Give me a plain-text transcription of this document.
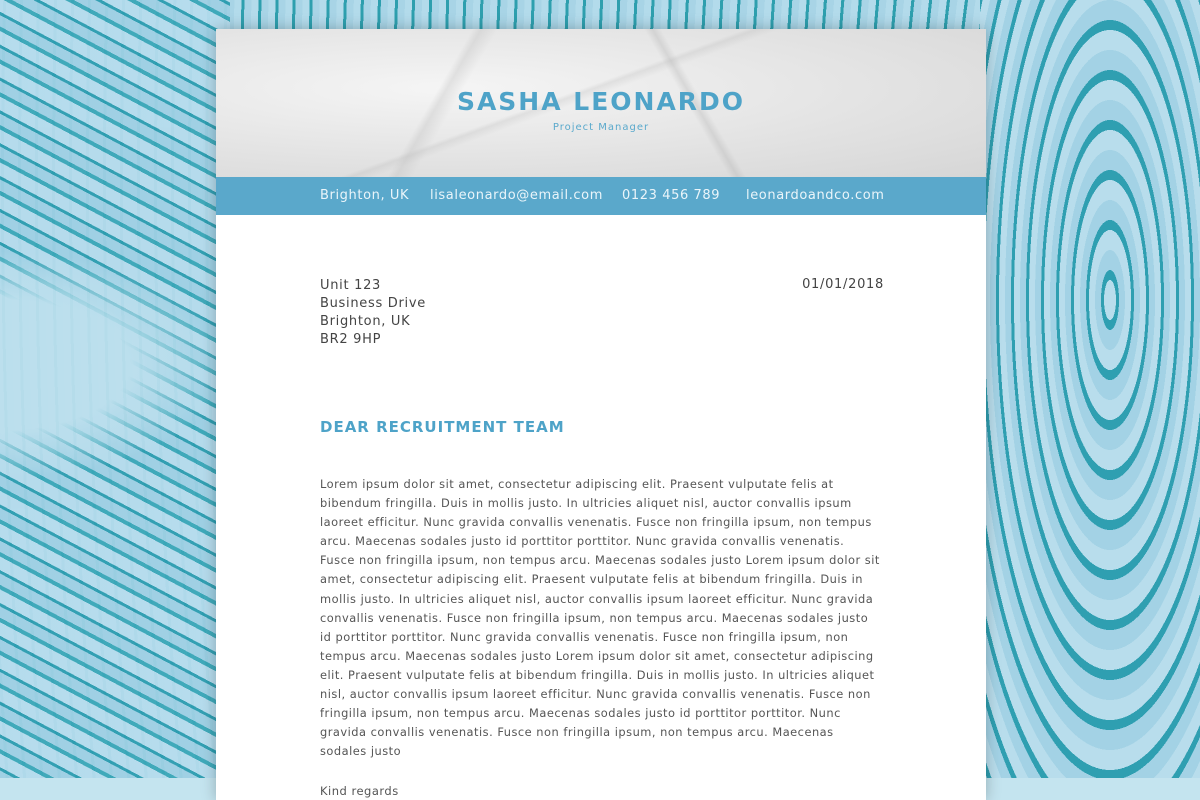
SASHA LEONARDO
Project Manager
Brighton, UK lisaleonardo@email.com 0123 456 789 leonardoandco.com
Unit 123
Business Drive
Brighton, UK
BR2 9HP
01/01/2018
DEAR RECRUITMENT TEAM
Lorem ipsum dolor sit amet, consectetur adipiscing elit. Praesent vulputate felis at bibendum fringilla. Duis in mollis justo. In ultricies aliquet nisl, auctor convallis ipsum laoreet efficitur. Nunc gravida convallis venenatis. Fusce non fringilla ipsum, non tempus arcu. Maecenas sodales justo id porttitor porttitor. Nunc gravida convallis venenatis. Fusce non fringilla ipsum, non tempus arcu. Maecenas sodales justo Lorem ipsum dolor sit amet, consectetur adipiscing elit. Praesent vulputate felis at bibendum fringilla. Duis in mollis justo. In ultricies aliquet nisl, auctor convallis ipsum laoreet efficitur. Nunc gravida convallis venenatis. Fusce non fringilla ipsum, non tempus arcu. Maecenas sodales justo id porttitor porttitor. Nunc gravida convallis venenatis. Fusce non fringilla ipsum, non tempus arcu. Maecenas sodales justo Lorem ipsum dolor sit amet, consectetur adipiscing elit. Praesent vulputate felis at bibendum fringilla. Duis in mollis justo. In ultricies aliquet nisl, auctor convallis ipsum laoreet efficitur. Nunc gravida convallis venenatis. Fusce non fringilla ipsum, non tempus arcu. Maecenas sodales justo id porttitor porttitor. Nunc gravida convallis venenatis. Fusce non fringilla ipsum, non tempus arcu. Maecenas sodales justo
Kind regards
